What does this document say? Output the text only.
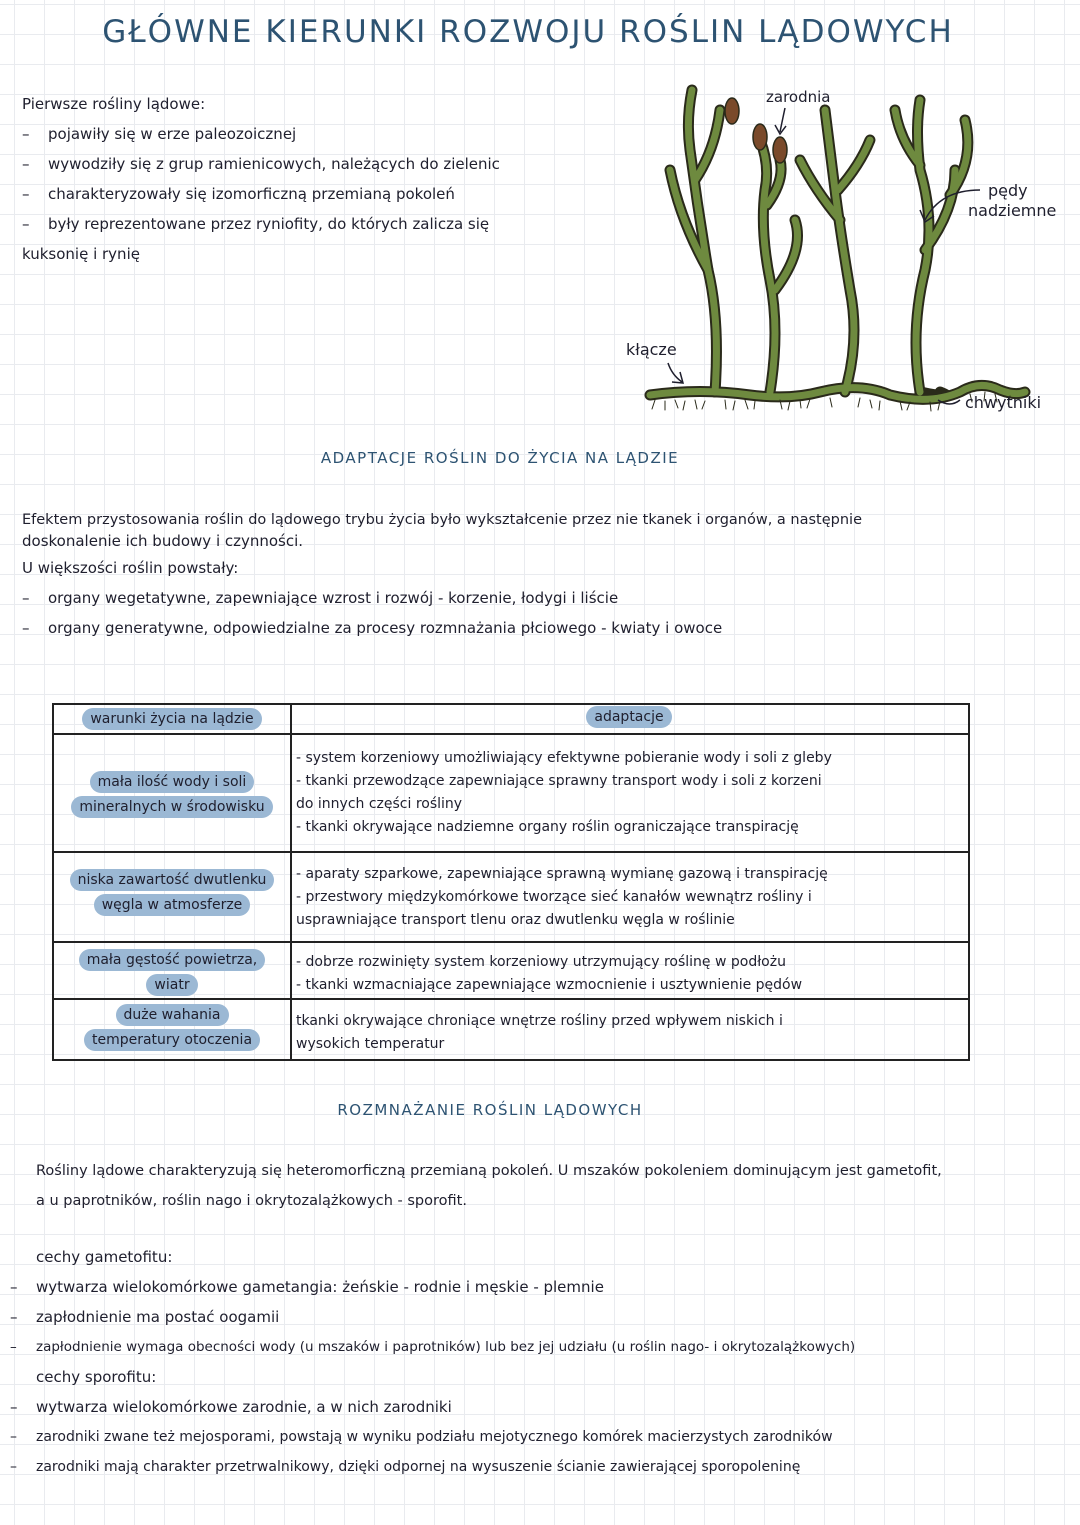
GŁÓWNE KIERUNKI ROZWOJU ROŚLIN LĄDOWYCH
Pierwsze rośliny lądowe:
– pojawiły się w erze paleozoicznej
– wywodziły się z grup ramienicowych, należących do zielenic
– charakteryzowały się izomorficzną przemianą pokoleń
– były reprezentowane przez ryniofity, do których zalicza się
kuksonię i rynię
zarodnia
pędy
nadziemne
kłącze
chwytniki
ADAPTACJE ROŚLIN DO ŻYCIA NA LĄDZIE
Efektem przystosowania roślin do lądowego trybu życia było wykształcenie przez nie tkanek i organów, a następnie
doskonalenie ich budowy i czynności.
U większości roślin powstały:
– organy wegetatywne, zapewniające wzrost i rozwój - korzenie, łodygi i liście
– organy generatywne, odpowiedzialne za procesy rozmnażania płciowego - kwiaty i owoce
warunki życia na lądzie	adaptacje
mała ilość wody i soli
mineralnych w środowisku
- system korzeniowy umożliwiający efektywne pobieranie wody i soli z gleby
- tkanki przewodzące zapewniające sprawny transport wody i soli z korzeni
do innych części rośliny
- tkanki okrywające nadziemne organy roślin ograniczające transpirację
niska zawartość dwutlenku
węgla w atmosferze
- aparaty szparkowe, zapewniające sprawną wymianę gazową i transpirację
- przestwory międzykomórkowe tworzące sieć kanałów wewnątrz rośliny i
usprawniające transport tlenu oraz dwutlenku węgla w roślinie
mała gęstość powietrza,
wiatr
- dobrze rozwinięty system korzeniowy utrzymujący roślinę w podłożu
- tkanki wzmacniające zapewniające wzmocnienie i usztywnienie pędów
duże wahania
temperatury otoczenia
tkanki okrywające chroniące wnętrze rośliny przed wpływem niskich i
wysokich temperatur
ROZMNAŻANIE ROŚLIN LĄDOWYCH
Rośliny lądowe charakteryzują się heteromorficzną przemianą pokoleń. U mszaków pokoleniem dominującym jest gametofit,
a u paprotników, roślin nago i okrytozalążkowych - sporofit.
cechy gametofitu:
– wytwarza wielokomórkowe gametangia: żeńskie - rodnie i męskie - plemnie
– zapłodnienie ma postać oogamii
– zapłodnienie wymaga obecności wody (u mszaków i paprotników) lub bez jej udziału (u roślin nago- i okrytozalążkowych)
cechy sporofitu:
– wytwarza wielokomórkowe zarodnie, a w nich zarodniki
– zarodniki zwane też mejosporami, powstają w wyniku podziału mejotycznego komórek macierzystych zarodników
– zarodniki mają charakter przetrwalnikowy, dzięki odpornej na wysuszenie ścianie zawierającej sporopoleninę
